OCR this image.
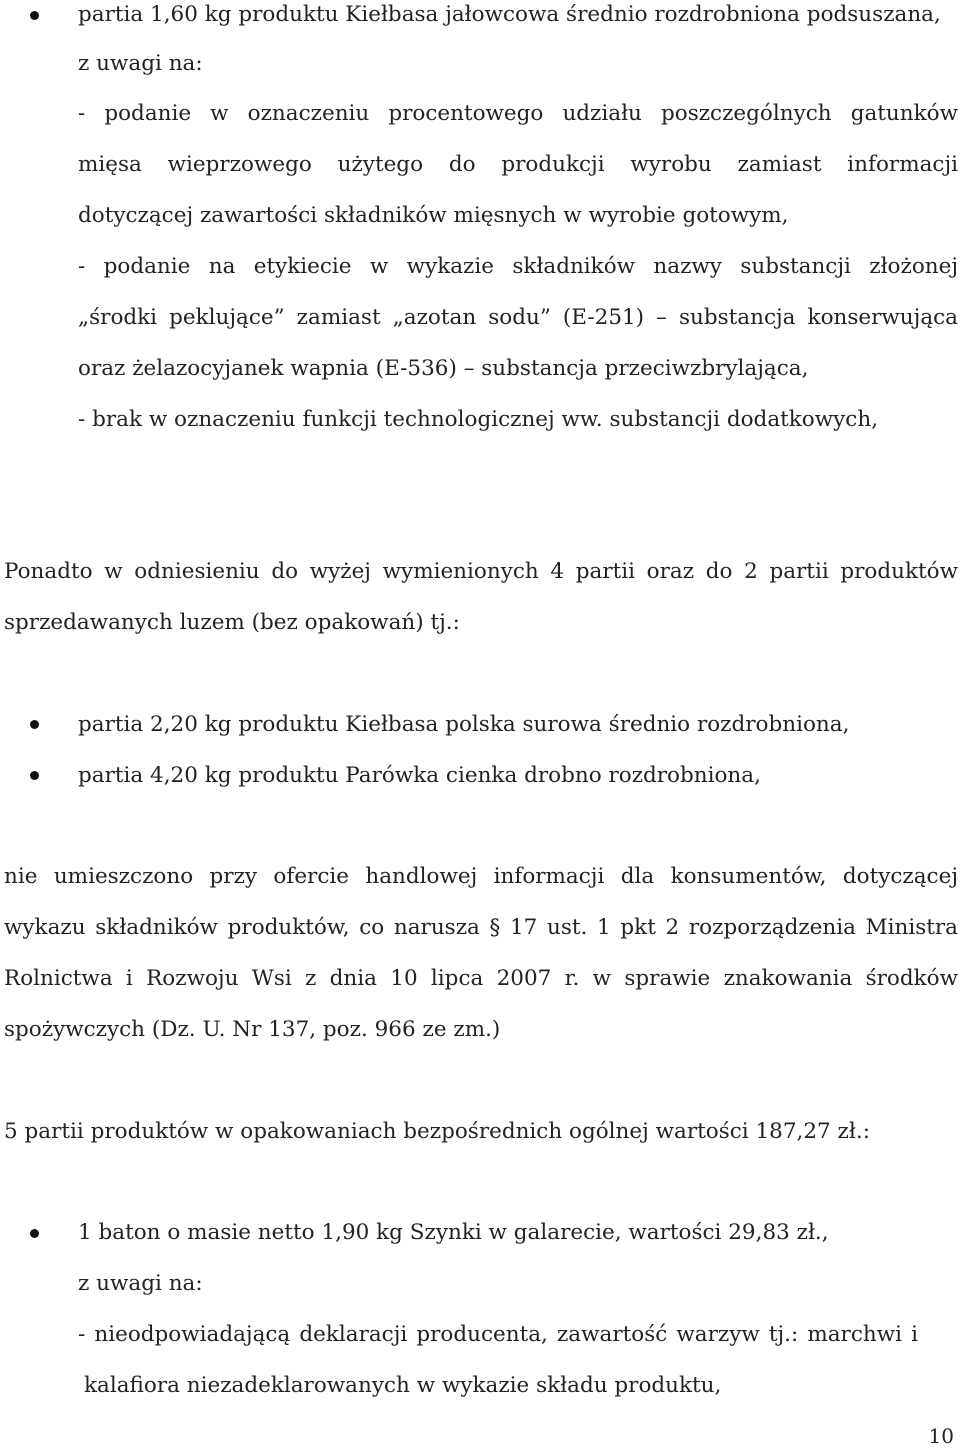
partia 1,60 kg produktu Kiełbasa jałowcowa średnio rozdrobniona podsuszana,
z uwagi na:
- podanie w oznaczeniu procentowego udziału poszczególnych gatunków
mięsa wieprzowego użytego do produkcji wyrobu zamiast informacji
dotyczącej zawartości składników mięsnych w wyrobie gotowym,
- podanie na etykiecie w wykazie składników nazwy substancji złożonej
„środki peklujące” zamiast „azotan sodu” (E-251) – substancja konserwująca
oraz żelazocyjanek wapnia (E-536) – substancja przeciwzbrylająca,
- brak w oznaczeniu funkcji technologicznej ww. substancji dodatkowych,
Ponadto w odniesieniu do wyżej wymienionych 4 partii oraz do 2 partii produktów
sprzedawanych luzem (bez opakowań) tj.:
partia 2,20 kg produktu Kiełbasa polska surowa średnio rozdrobniona,
partia 4,20 kg produktu Parówka cienka drobno rozdrobniona,
nie umieszczono przy ofercie handlowej informacji dla konsumentów, dotyczącej
wykazu składników produktów, co narusza § 17 ust. 1 pkt 2 rozporządzenia Ministra
Rolnictwa i Rozwoju Wsi z dnia 10 lipca 2007 r. w sprawie znakowania środków
spożywczych (Dz. U. Nr 137, poz. 966 ze zm.)
5 partii produktów w opakowaniach bezpośrednich ogólnej wartości 187,27 zł.:
1 baton o masie netto 1,90 kg Szynki w galarecie, wartości 29,83 zł.,
z uwagi na:
- nieodpowiadającą deklaracji producenta, zawartość warzyw tj.: marchwi i
kalafiora niezadeklarowanych w wykazie składu produktu,
10
